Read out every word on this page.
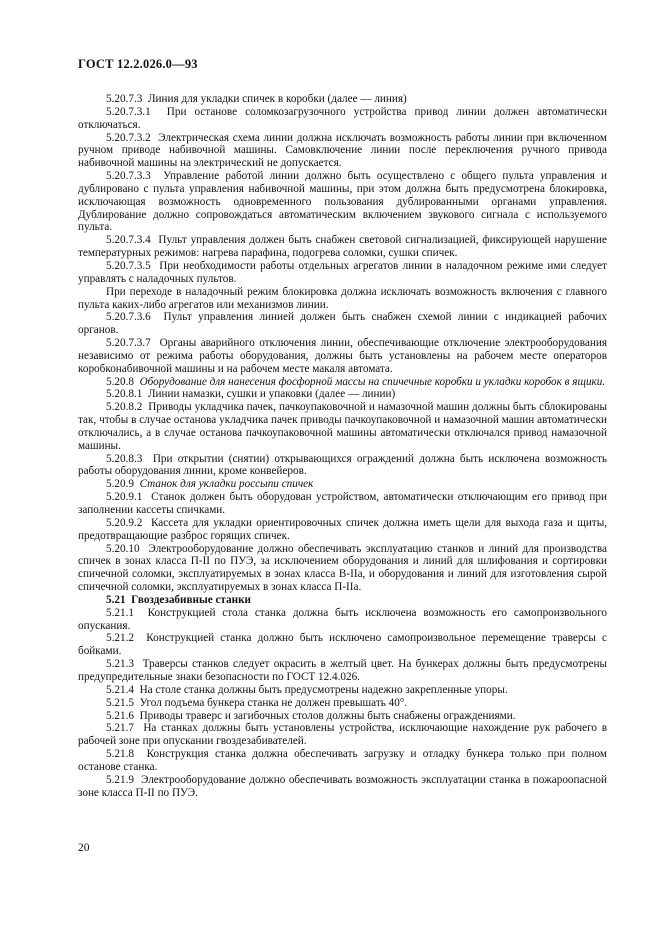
ГОСТ 12.2.026.0—93

5.20.7.3 Линия для укладки спичек в коробки (далее — линия)

5.20.7.3.1 При останове соломкозагрузочного устройства привод линии должен автоматически отключаться.

5.20.7.3.2 Электрическая схема линии должна исключать возможность работы линии при включенном ручном приводе набивочной машины. Самовключение линии после переключения ручного привода набивочной машины на электрический не допускается.

5.20.7.3.3 Управление работой линии должно быть осуществлено с общего пульта управления и дублировано с пульта управления набивочной машины, при этом должна быть предусмотрена блокировка, исключающая возможность одновременного пользования дублированными органами управления. Дублирование должно сопровождаться автоматическим включением звукового сигнала с используемого пульта.

5.20.7.3.4 Пульт управления должен быть снабжен световой сигнализацией, фиксирующей нарушение температурных режимов: нагрева парафина, подогрева соломки, сушки спичек.

5.20.7.3.5 При необходимости работы отдельных агрегатов линии в наладочном режиме ими следует управлять с наладочных пультов.

При переходе в наладочный режим блокировка должна исключать возможность включения с главного пульта каких-либо агрегатов или механизмов линии.

5.20.7.3.6 Пульт управления линией должен быть снабжен схемой линии с индикацией рабочих органов.

5.20.7.3.7 Органы аварийного отключения линии, обеспечивающие отключение электрооборудования независимо от режима работы оборудования, должны быть установлены на рабочем месте операторов коробконабивочной машины и на рабочем месте макаля автомата.

5.20.8 Оборудование для нанесения фосфорной массы на спичечные коробки и укладки коробок в ящики.

5.20.8.1 Линии намазки, сушки и упаковки (далее — линии)

5.20.8.2 Приводы укладчика пачек, пачкоупаковочной и намазочной машин должны быть сблокированы так, чтобы в случае останова укладчика пачек приводы пачкоупаковочной и намазочной машин автоматически отключались, а в случае останова пачкоупаковочной машины автоматически отключался привод намазочной машины.

5.20.8.3 При открытии (снятии) открывающихся ограждений должна быть исключена возможность работы оборудования линии, кроме конвейеров.

5.20.9 Станок для укладки россыпи спичек

5.20.9.1 Станок должен быть оборудован устройством, автоматически отключающим его привод при заполнении кассеты спичками.

5.20.9.2 Кассета для укладки ориентировочных спичек должна иметь щели для выхода газа и щиты, предотвращающие разброс горящих спичек.

5.20.10 Электрооборудование должно обеспечивать эксплуатацию станков и линий для производства спичек в зонах класса П-II по ПУЭ, за исключением оборудования и линий для шлифования и сортировки спичечной соломки, эксплуатируемых в зонах класса В-IIа, и оборудования и линий для изготовления сырой спичечной соломки, эксплуатируемых в зонах класса П-IIа.

5.21 Гвоздезабивные станки

5.21.1 Конструкцией стола станка должна быть исключена возможность его самопроизвольного опускания.

5.21.2 Конструкцией станка должно быть исключено самопроизвольное перемещение траверсы с бойками.

5.21.3 Траверсы станков следует окрасить в желтый цвет. На бункерах должны быть предусмотрены предупредительные знаки безопасности по ГОСТ 12.4.026.

5.21.4 На столе станка должны быть предусмотрены надежно закрепленные упоры.

5.21.5 Угол подъема бункера станка не должен превышать 40°.

5.21.6 Приводы траверс и загибочных столов должны быть снабжены ограждениями.

5.21.7 На станках должны быть установлены устройства, исключающие нахождение рук рабочего в рабочей зоне при опускании гвоздезабивателей.

5.21.8 Конструкция станка должна обеспечивать загрузку и отладку бункера только при полном останове станка.

5.21.9 Электрооборудование должно обеспечивать возможность эксплуатации станка в пожароопасной зоне класса П-II по ПУЭ.

20
